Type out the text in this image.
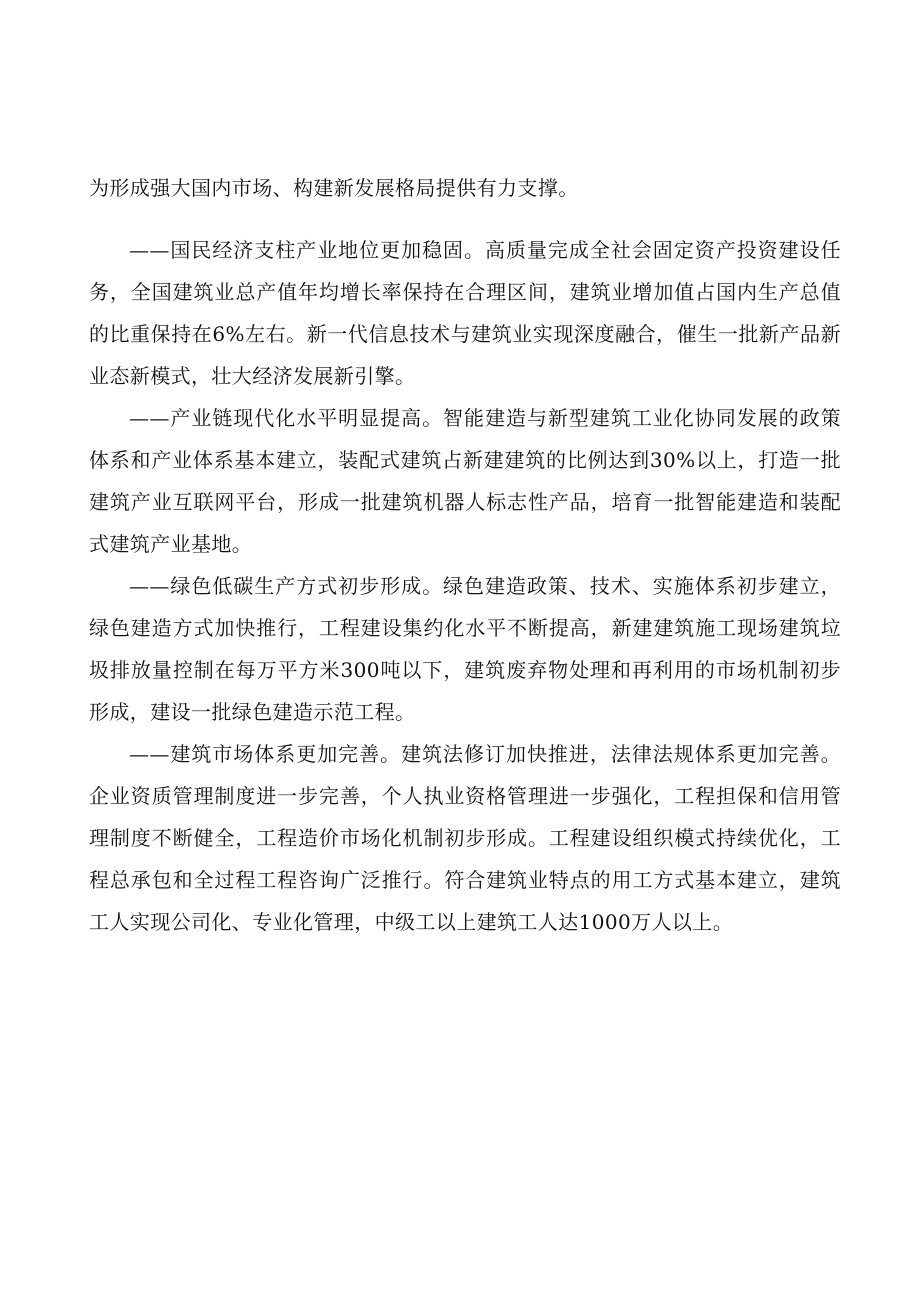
为形成强大国内市场、构建新发展格局提供有力支撑。

——国民经济支柱产业地位更加稳固。高质量完成全社会固定资产投资建设任务，全国建筑业总产值年均增长率保持在合理区间，建筑业增加值占国内生产总值的比重保持在6%左右。新一代信息技术与建筑业实现深度融合，催生一批新产品新业态新模式，壮大经济发展新引擎。

——产业链现代化水平明显提高。智能建造与新型建筑工业化协同发展的政策体系和产业体系基本建立，装配式建筑占新建建筑的比例达到30%以上，打造一批建筑产业互联网平台，形成一批建筑机器人标志性产品，培育一批智能建造和装配式建筑产业基地。

——绿色低碳生产方式初步形成。绿色建造政策、技术、实施体系初步建立，绿色建造方式加快推行，工程建设集约化水平不断提高，新建建筑施工现场建筑垃圾排放量控制在每万平方米300吨以下，建筑废弃物处理和再利用的市场机制初步形成，建设一批绿色建造示范工程。

——建筑市场体系更加完善。建筑法修订加快推进，法律法规体系更加完善。企业资质管理制度进一步完善，个人执业资格管理进一步强化，工程担保和信用管理制度不断健全，工程造价市场化机制初步形成。工程建设组织模式持续优化，工程总承包和全过程工程咨询广泛推行。符合建筑业特点的用工方式基本建立，建筑工人实现公司化、专业化管理，中级工以上建筑工人达1000万人以上。
